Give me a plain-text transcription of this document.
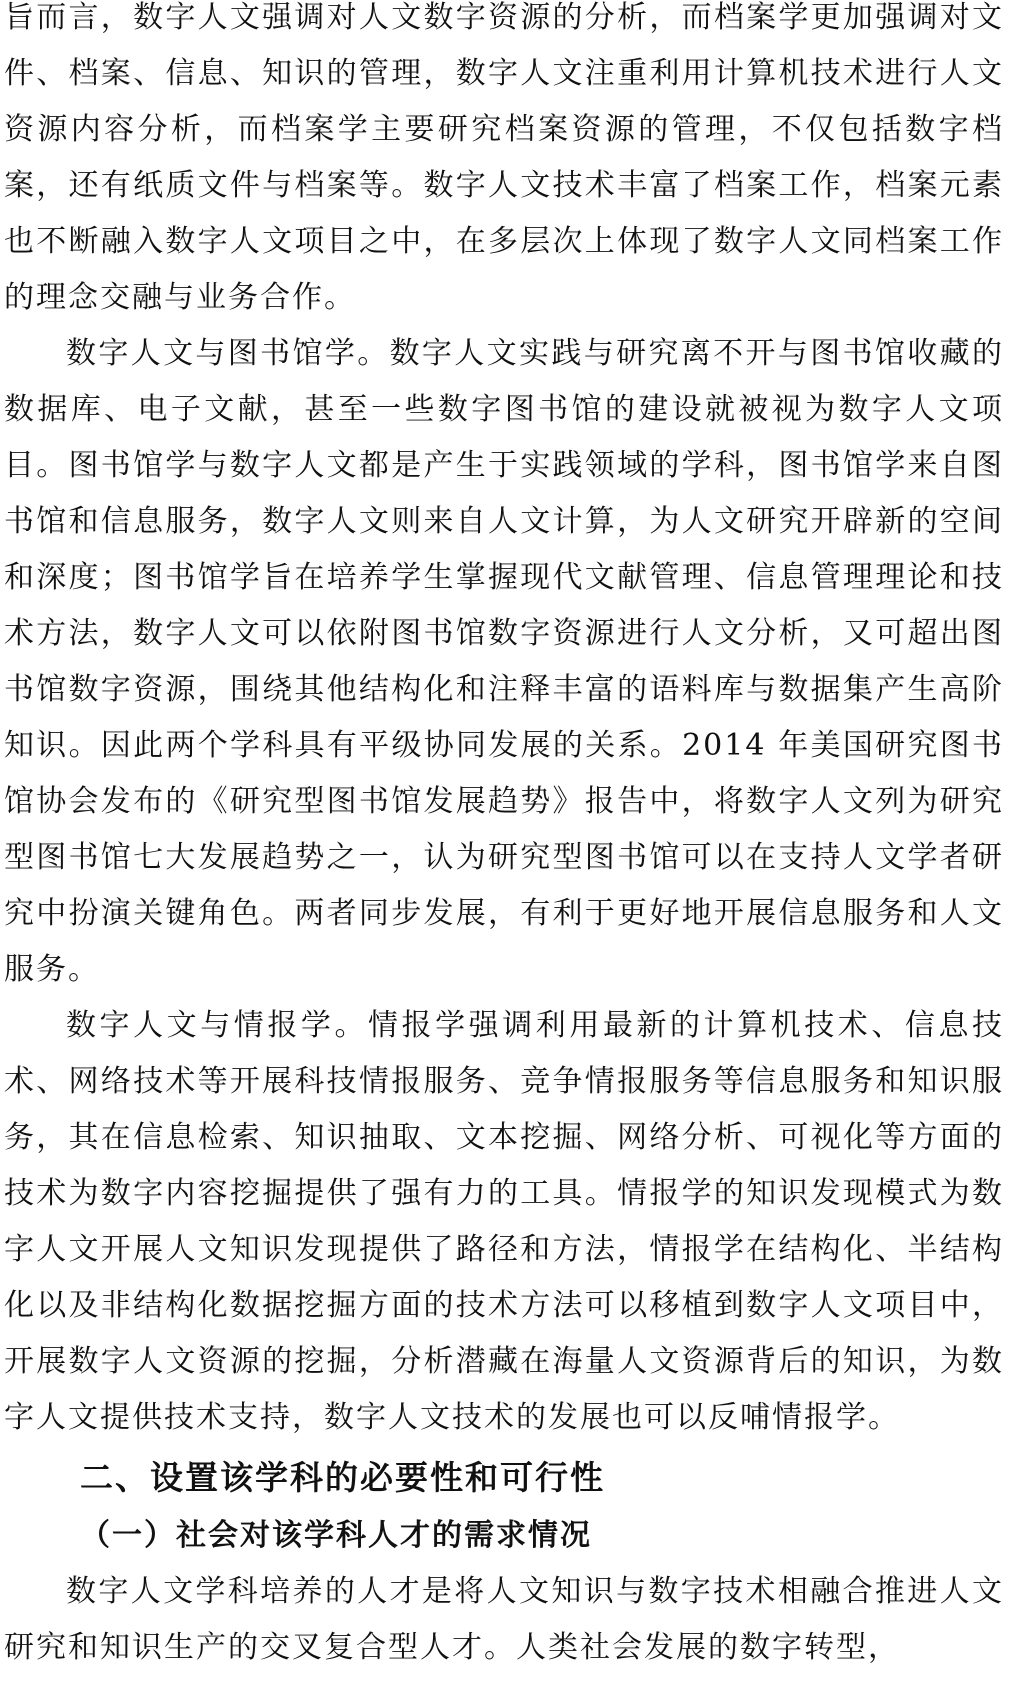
旨而言，数字人文强调对人文数字资源的分析，而档案学更加强调对文件、档案、信息、知识的管理，数字人文注重利用计算机技术进行人文资源内容分析，而档案学主要研究档案资源的管理，不仅包括数字档案，还有纸质文件与档案等。数字人文技术丰富了档案工作，档案元素也不断融入数字人文项目之中，在多层次上体现了数字人文同档案工作的理念交融与业务合作。

数字人文与图书馆学。数字人文实践与研究离不开与图书馆收藏的数据库、电子文献，甚至一些数字图书馆的建设就被视为数字人文项目。图书馆学与数字人文都是产生于实践领域的学科，图书馆学来自图书馆和信息服务，数字人文则来自人文计算，为人文研究开辟新的空间和深度；图书馆学旨在培养学生掌握现代文献管理、信息管理理论和技术方法，数字人文可以依附图书馆数字资源进行人文分析，又可超出图书馆数字资源，围绕其他结构化和注释丰富的语料库与数据集产生高阶知识。因此两个学科具有平级协同发展的关系。2014 年美国研究图书馆协会发布的《研究型图书馆发展趋势》报告中，将数字人文列为研究型图书馆七大发展趋势之一，认为研究型图书馆可以在支持人文学者研究中扮演关键角色。两者同步发展，有利于更好地开展信息服务和人文服务。

数字人文与情报学。情报学强调利用最新的计算机技术、信息技术、网络技术等开展科技情报服务、竞争情报服务等信息服务和知识服务，其在信息检索、知识抽取、文本挖掘、网络分析、可视化等方面的技术为数字内容挖掘提供了强有力的工具。情报学的知识发现模式为数字人文开展人文知识发现提供了路径和方法，情报学在结构化、半结构化以及非结构化数据挖掘方面的技术方法可以移植到数字人文项目中，开展数字人文资源的挖掘，分析潜藏在海量人文资源背后的知识，为数字人文提供技术支持，数字人文技术的发展也可以反哺情报学。

二、设置该学科的必要性和可行性
（一）社会对该学科人才的需求情况

数字人文学科培养的人才是将人文知识与数字技术相融合推进人文研究和知识生产的交叉复合型人才。人类社会发展的数字转型，
